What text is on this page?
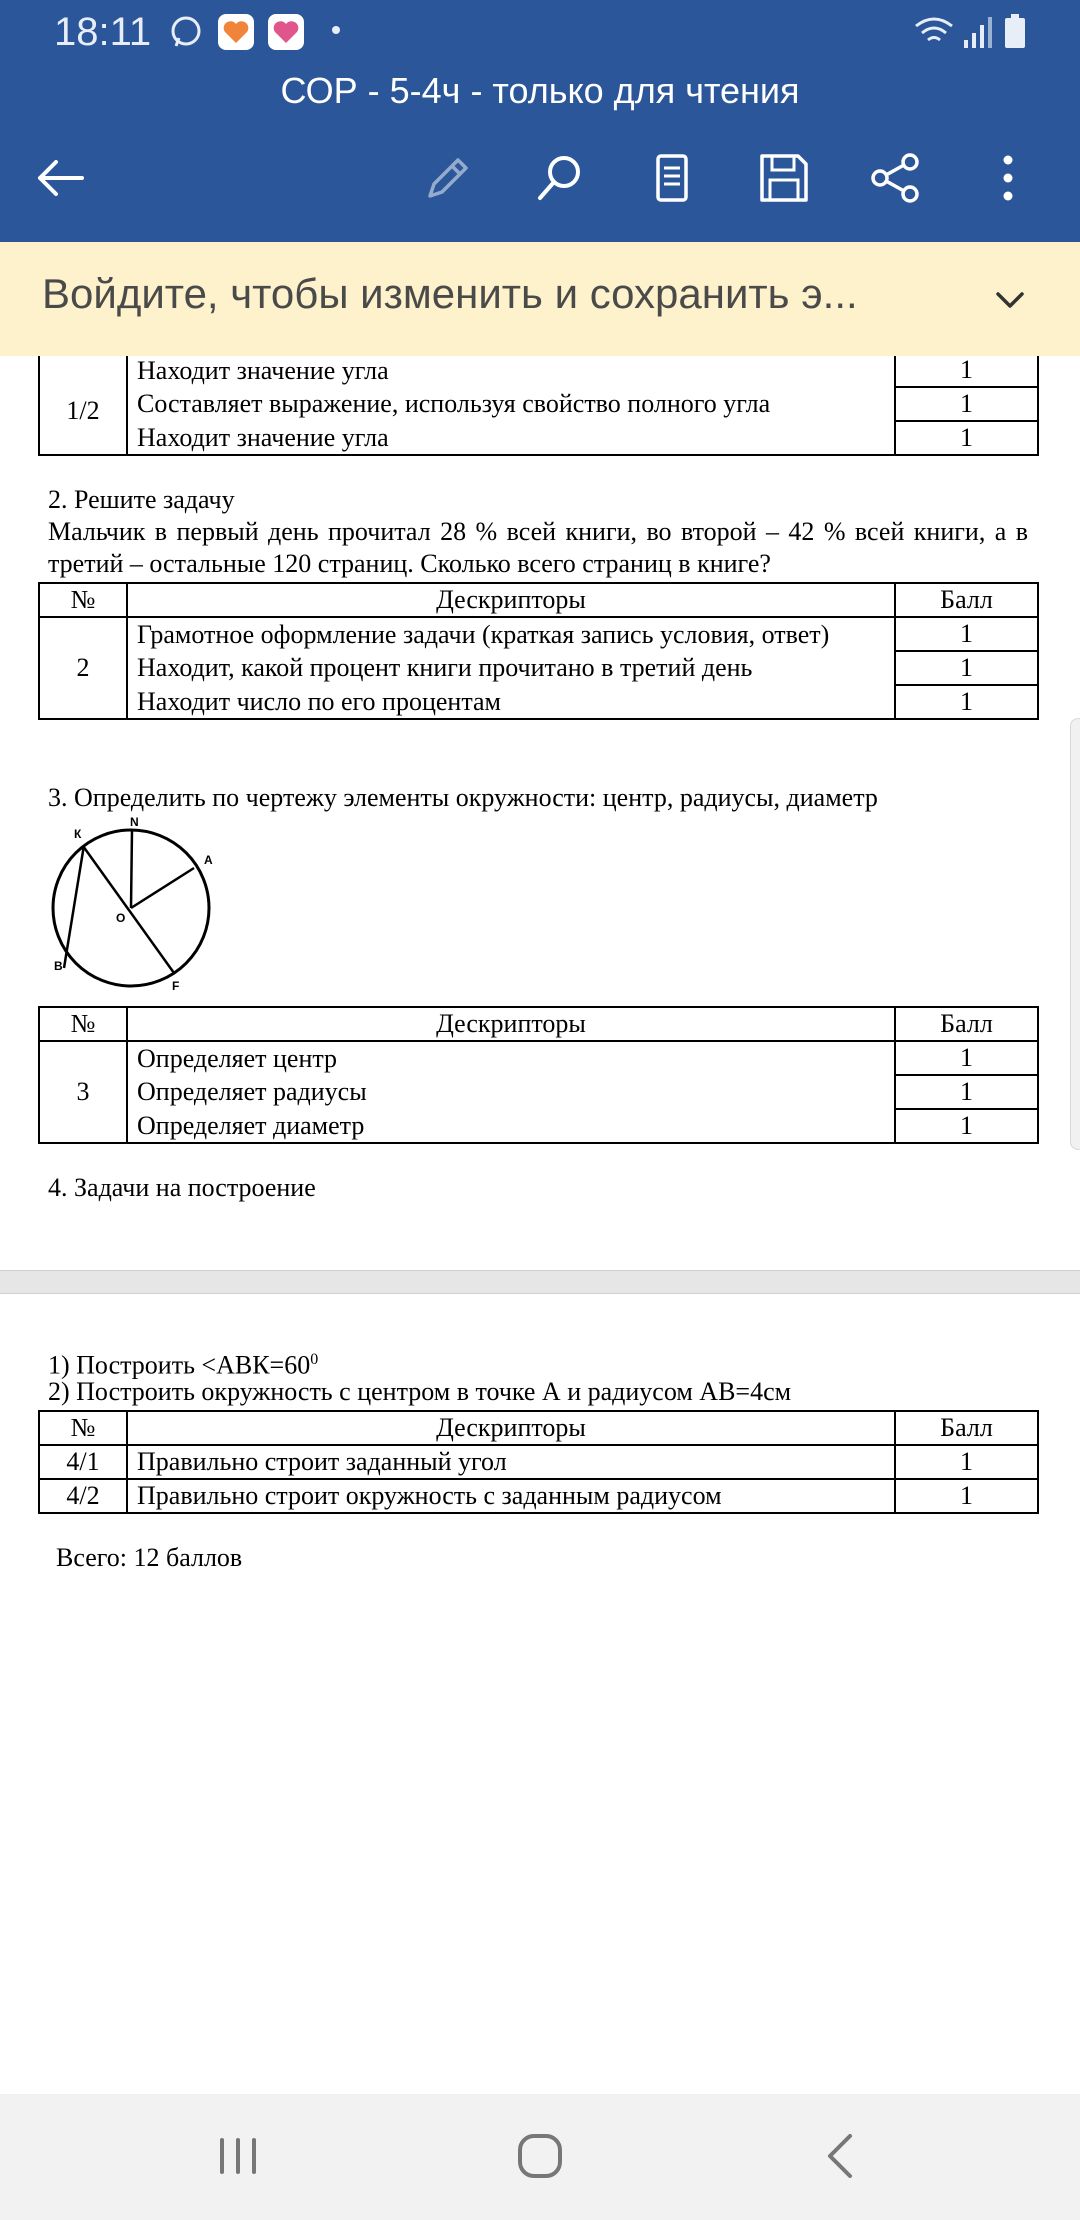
18:11
СОР - 5-4ч - только для чтения
Войдите, чтобы изменить и сохранить э...
1/2	Находит значение угла	1
	Составляет выражение, используя свойство полного угла	1
	Находит значение угла	1
2. Решите задачу
Мальчик в первый день прочитал 28 % всей книги, во второй – 42 % всей книги, а в третий – остальные 120 страниц. Сколько всего страниц в книге?
№	Дескрипторы	Балл
2	Грамотное оформление задачи (краткая запись условия, ответ)	1
	Находит, какой процент книги прочитано в третий день	1
	Находит число по его процентам	1
3. Определить по чертежу элементы окружности: центр, радиусы, диаметр
К
N
A
O
B
F
№	Дескрипторы	Балл
3	Определяет центр	1
	Определяет радиусы	1
	Определяет диаметр	1
4. Задачи на построение
1) Построить $<АВК=60^0$
2) Построить окружность с центром в точке А и радиусом АВ=4см
№	Дескрипторы	Балл
4/1	Правильно строит заданный угол	1
4/2	Правильно строит окружность с заданным радиусом	1
Всего: 12 баллов
